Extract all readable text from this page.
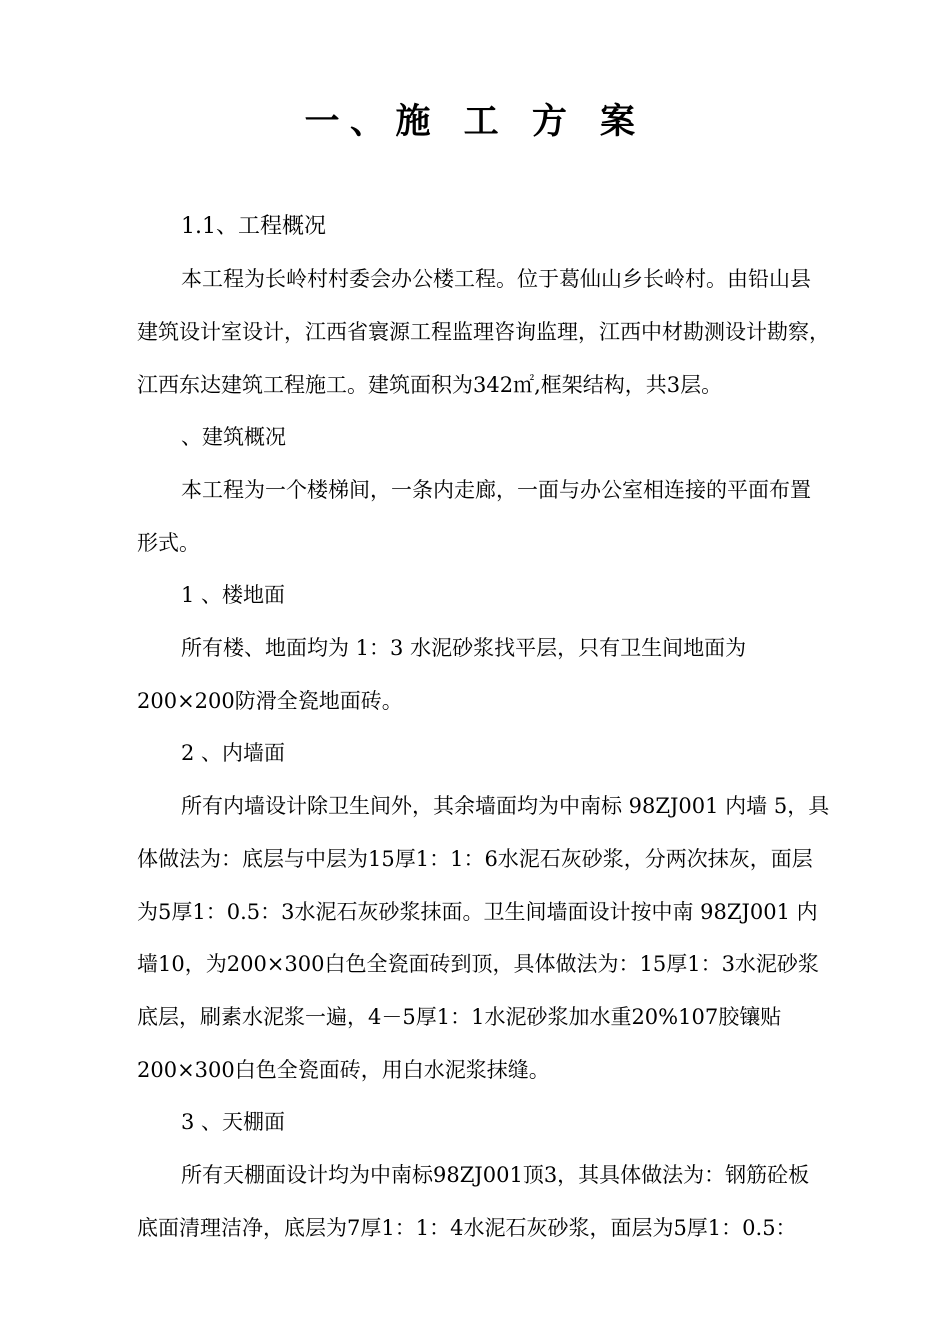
一、施 工 方 案
1.1、工程概况
本工程为长岭村村委会办公楼工程。位于葛仙山乡长岭村。由铅山县
建筑设计室设计，江西省寰源工程监理咨询监理，江西中材勘测设计勘察，
江西东达建筑工程施工。建筑面积为342㎡,框架结构，共3层。
、建筑概况
本工程为一个楼梯间，一条内走廊，一面与办公室相连接的平面布置
形式。
1 、楼地面
所有楼、地面均为 1：3 水泥砂浆找平层，只有卫生间地面为
200×200防滑全瓷地面砖。
2 、内墙面
所有内墙设计除卫生间外，其余墙面均为中南标 98ZJ001 内墙 5，具
体做法为：底层与中层为15厚1：1：6水泥石灰砂浆，分两次抹灰，面层
为5厚1：0.5：3水泥石灰砂浆抹面。卫生间墙面设计按中南 98ZJ001 内
墙10，为200×300白色全瓷面砖到顶，具体做法为：15厚1：3水泥砂浆
底层，刷素水泥浆一遍，4－5厚1：1水泥砂浆加水重20%107胶镶贴
200×300白色全瓷面砖，用白水泥浆抹缝。
3 、天棚面
所有天棚面设计均为中南标98ZJ001顶3，其具体做法为：钢筋砼板
底面清理洁净，底层为7厚1：1：4水泥石灰砂浆，面层为5厚1：0.5：
